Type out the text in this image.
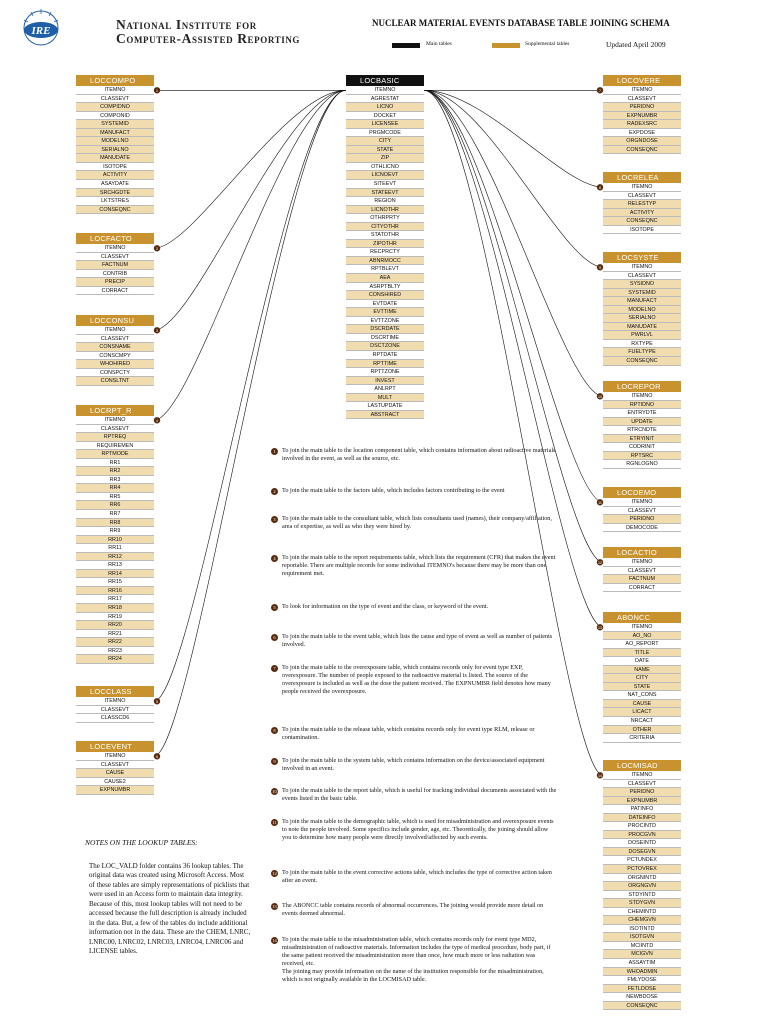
IRE	National Institute for
Computer-Assisted Reporting
NUCLEAR MATERIAL EVENTS DATABASE TABLE JOINING SCHEMA
Main tables	Supplemental tables	Updated April 2009
1
2
3
4
5
6
7
8
9
10
11
12
13
14
LOCCOMPO
ITEMNO
CLASSEVT
COMPIDNO
COMPONID
SYSTEMID
MANUFACT
MODELNO
SERIALNO
MANUDATE
ISOTOPE
ACTIVITY
ASAYDATE
SRCHGDTE
LKTSTRES
CONSEQNC
LOCFACTO
ITEMNO
CLASSEVT
FACTNUM
CONTRIB
PRECIP
CORRACT
LOCCONSU
ITEMNO
CLASSEVT
CONSNAME
CONSCMPY
WHOHIRED
CONSPCTY
CONSLTNT
LOCRPT_R
ITEMNO
CLASSEVT
RPTREQ
REQUIREMEN
RPTMODE
RR1
RR2
RR3
RR4
RR5
RR6
RR7
RR8
RR9
RR10
RR11
RR12
RR13
RR14
RR15
RR16
RR17
RR18
RR19
RR20
RR21
RR22
RR23
RR24
LOCCLASS
ITEMNO
CLASSEVT
CLASSCD6
LOCEVENT
ITEMNO
CLASSEVT
CAUSE
CAUSE2
EXPNUMBR
LOCBASIC
ITEMNO
AGRESTAT
LICNO
DOCKET
LICENSEE
PRGMCODE
CITY
STATE
ZIP
OTHLICNO
LICNOEVT
SITEEVT
STATEEVT
REGION
LICNOTHR
OTHRPRTY
CITYOTHR
STATOTHR
ZIPOTHR
RECPRCTY
ABNRMOCC
RPTBLEVT
AEA
ASRPTBLTY
CONSHIRED
EVTDATE
EVTTIME
EVTTZONE
DSCRDATE
DSCRTIME
DSCTZONE
RPTDATE
RPTTIME
RPTTZONE
INVEST
ANLRPT
MULT
LASTUPDATE
ABSTRACT
LOCOVERE
ITEMNO
CLASSEVT
PERIDNO
EXPNUMBR
RADEXSRC
EXPDOSE
ORGNDOSE
CONSEQNC
LOCRELEA
ITEMNO
CLASSEVT
RELESTYP
ACTIVITY
CONSEQNC
ISOTOPE
LOCSYSTE
ITEMNO
CLASSEVT
SYSIDNO
SYSTEMID
MANUFACT
MODELNO
SERIALNO
MANUDATE
PWRLVL
RXTYPE
FUELTYPE
CONSEQNC
LOCREPOR
ITEMNO
RPTIDNO
ENTRYDTE
UPDATE
RTRCNDTE
ETRYINIT
CODRINIT
RPTSRC
RGNLOGNO
LOCDEMO
ITEMNO
CLASSEVT
PERIDNO
DEMOCODE
LOCACTIO
ITEMNO
CLASSEVT
FACTNUM
CORRACT
ABONCC
ITEMNO
AO_NO
AO_REPORT
TITLE
DATE
NAME
CITY
STATE
NAT_CONS
CAUSE
LICACT
NRCACT
OTHER
CRITERIA
LOCMISAD
ITEMNO
CLASSEVT
PERIDNO
EXPNUMBR
PATINFO
DATEINFO
PROCINTD
PROCGVN
DOSEINTD
DOSEGVN
PCTUNDEX
PCTOVREX
ORGNINTD
ORGNGVN
STDYINTD
STDYGVN
CHEMINTD
CHEMGVN
ISOTINTD
ISOTGVN
MCIINTD
MCIGVN
ASSAYTIM
WHOADMIN
FMLYDOSE
FETLDOSE
NEWBDOSE
CONSEQNC
1	To join the main table to the location component table, which contains information about radioactive materials involved in the event, as well as the source, etc.
2	To join the main table to the factors table, which includes factors contributing to the event
3	To join the main table to the consultant table, which lists consultants used (names), their company/affiliation, area of expertise, as well as who they were hired by.
4	To join the main table to the report requirements table, which lists the requirement (CFR) that makes the event reportable. There are multiple records for some individual ITEMNO's because there may be more than one requirement met.
5	To look for information on the type of event and the class, or keyword of the event.
6	To join the main table to the event table, which lists the cause and type of event as well as number of patients involved.
7	To join the main table to the overexposure table, which contains records only for event type EXP, overexposure. The number of people exposed to the radioactive material is listed. The source of the overexposure is included as well as the dose the patient received. The EXPNUMBR field denotes how many people received the overexposure.
8	To join the main table to the release table, which contains records only for event type RLM, release or contamination.
9	To join the main table to the system table, which contains information on the device/associated equipment involved in an event.
10 To join the main table to the report table, which is useful for tracking individual documents associated with the events listed in the basic table.
11 To join the main table to the demographic table, which is used for misadministration and overexposure events to note the people involved. Some specifics include gender, age, etc. Theoretically, the joining should allow you to determine how many people were directly involved/affected by such events.
12 To join the main table to the event corrective actions table, which includes the type of corrective action taken after an event.
13 The ABONCC table contains records of abnormal occurrences. The joining would provide more detail on events deemed abnormal.
14 To join the main table to the misadministration table, which contains records only for event type MD2, misadministration of radioactive materials. Information includes the type of medical procedure, body part, if the same patient received the misadministration more than once, how much more or less radiation was received, etc.
The joining may provide information on the name of the institution responsible for the misadministration, which is not originally available in the LOCMISAD table.
NOTES ON THE LOOKUP TABLES:
The LOC_VALD folder contains 36 lookup tables. The original data was created using Microsoft Access. Most of these tables are simply representations of picklists that were used in an Access form to maintain data integrity. Because of this, most lookup tables will not need to be accessed because the full description is already included in the data. But, a few of the tables do include additional information not in the data. These are the CHEM, LNRC, LNRC00, LNRC02, LNRC03, LNRC04, LNRC06 and LICENSE tables.
